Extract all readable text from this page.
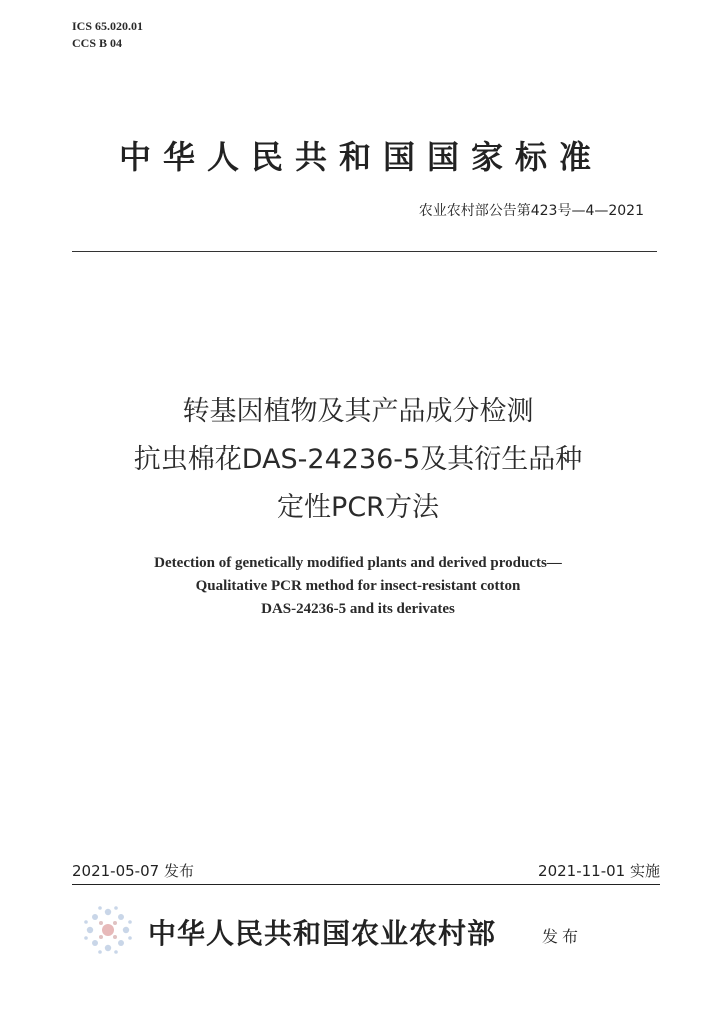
ICS 65.020.01
CCS B 04
中华人民共和国国家标准
农业农村部公告第423号—4—2021
转基因植物及其产品成分检测
抗虫棉花DAS-24236-5及其衍生品种
定性PCR方法
Detection of genetically modified plants and derived products—
Qualitative PCR method for insect-resistant cotton
DAS-24236-5 and its derivates
2021-05-07 发布	2021-11-01 实施
中华人民共和国农业农村部	发布
